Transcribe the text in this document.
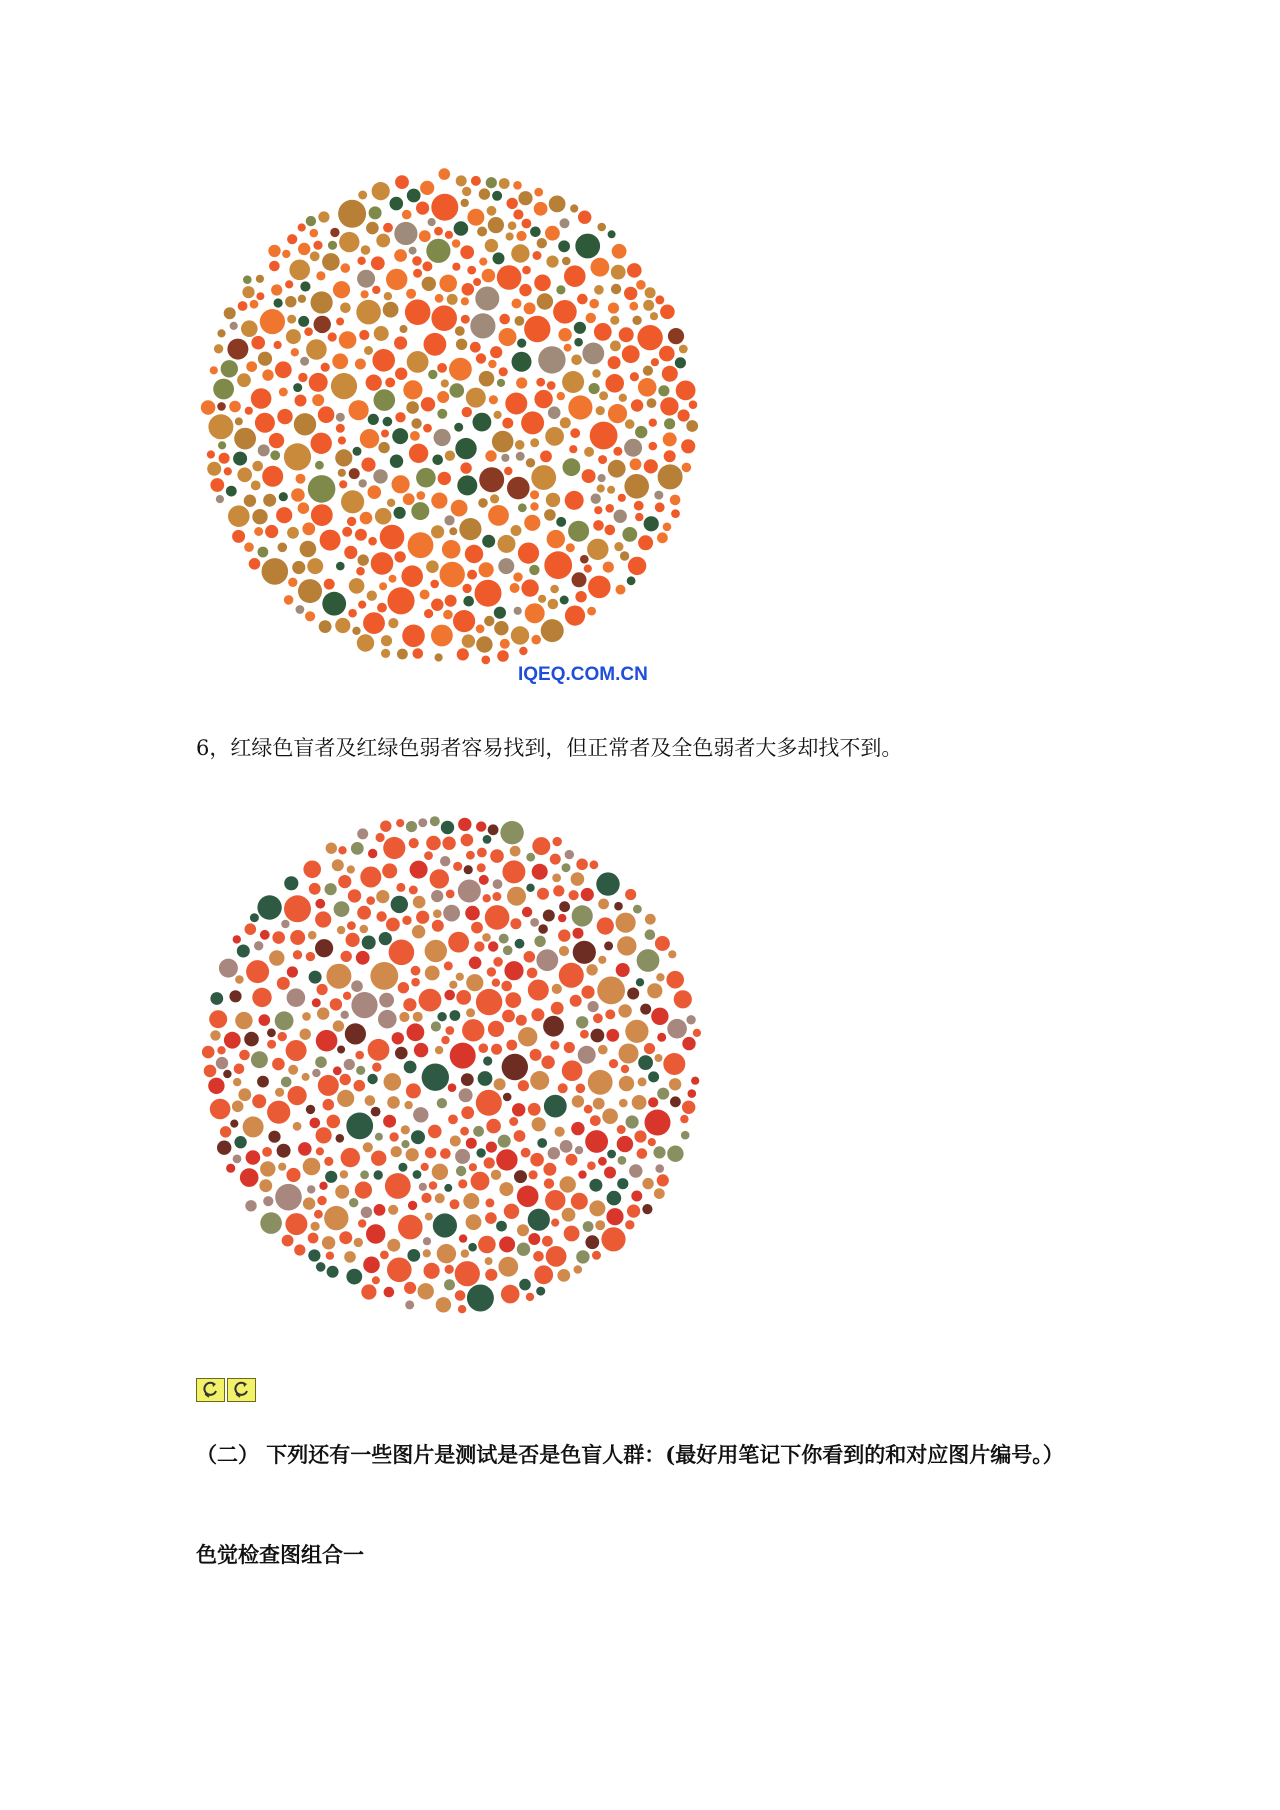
IQEQ.COM.CN
6，红绿色盲者及红绿色弱者容易找到，但正常者及全色弱者大多却找不到。
（二） 下列还有一些图片是测试是否是色盲人群：(最好用笔记下你看到的和对应图片编号。）
色觉检查图组合一
